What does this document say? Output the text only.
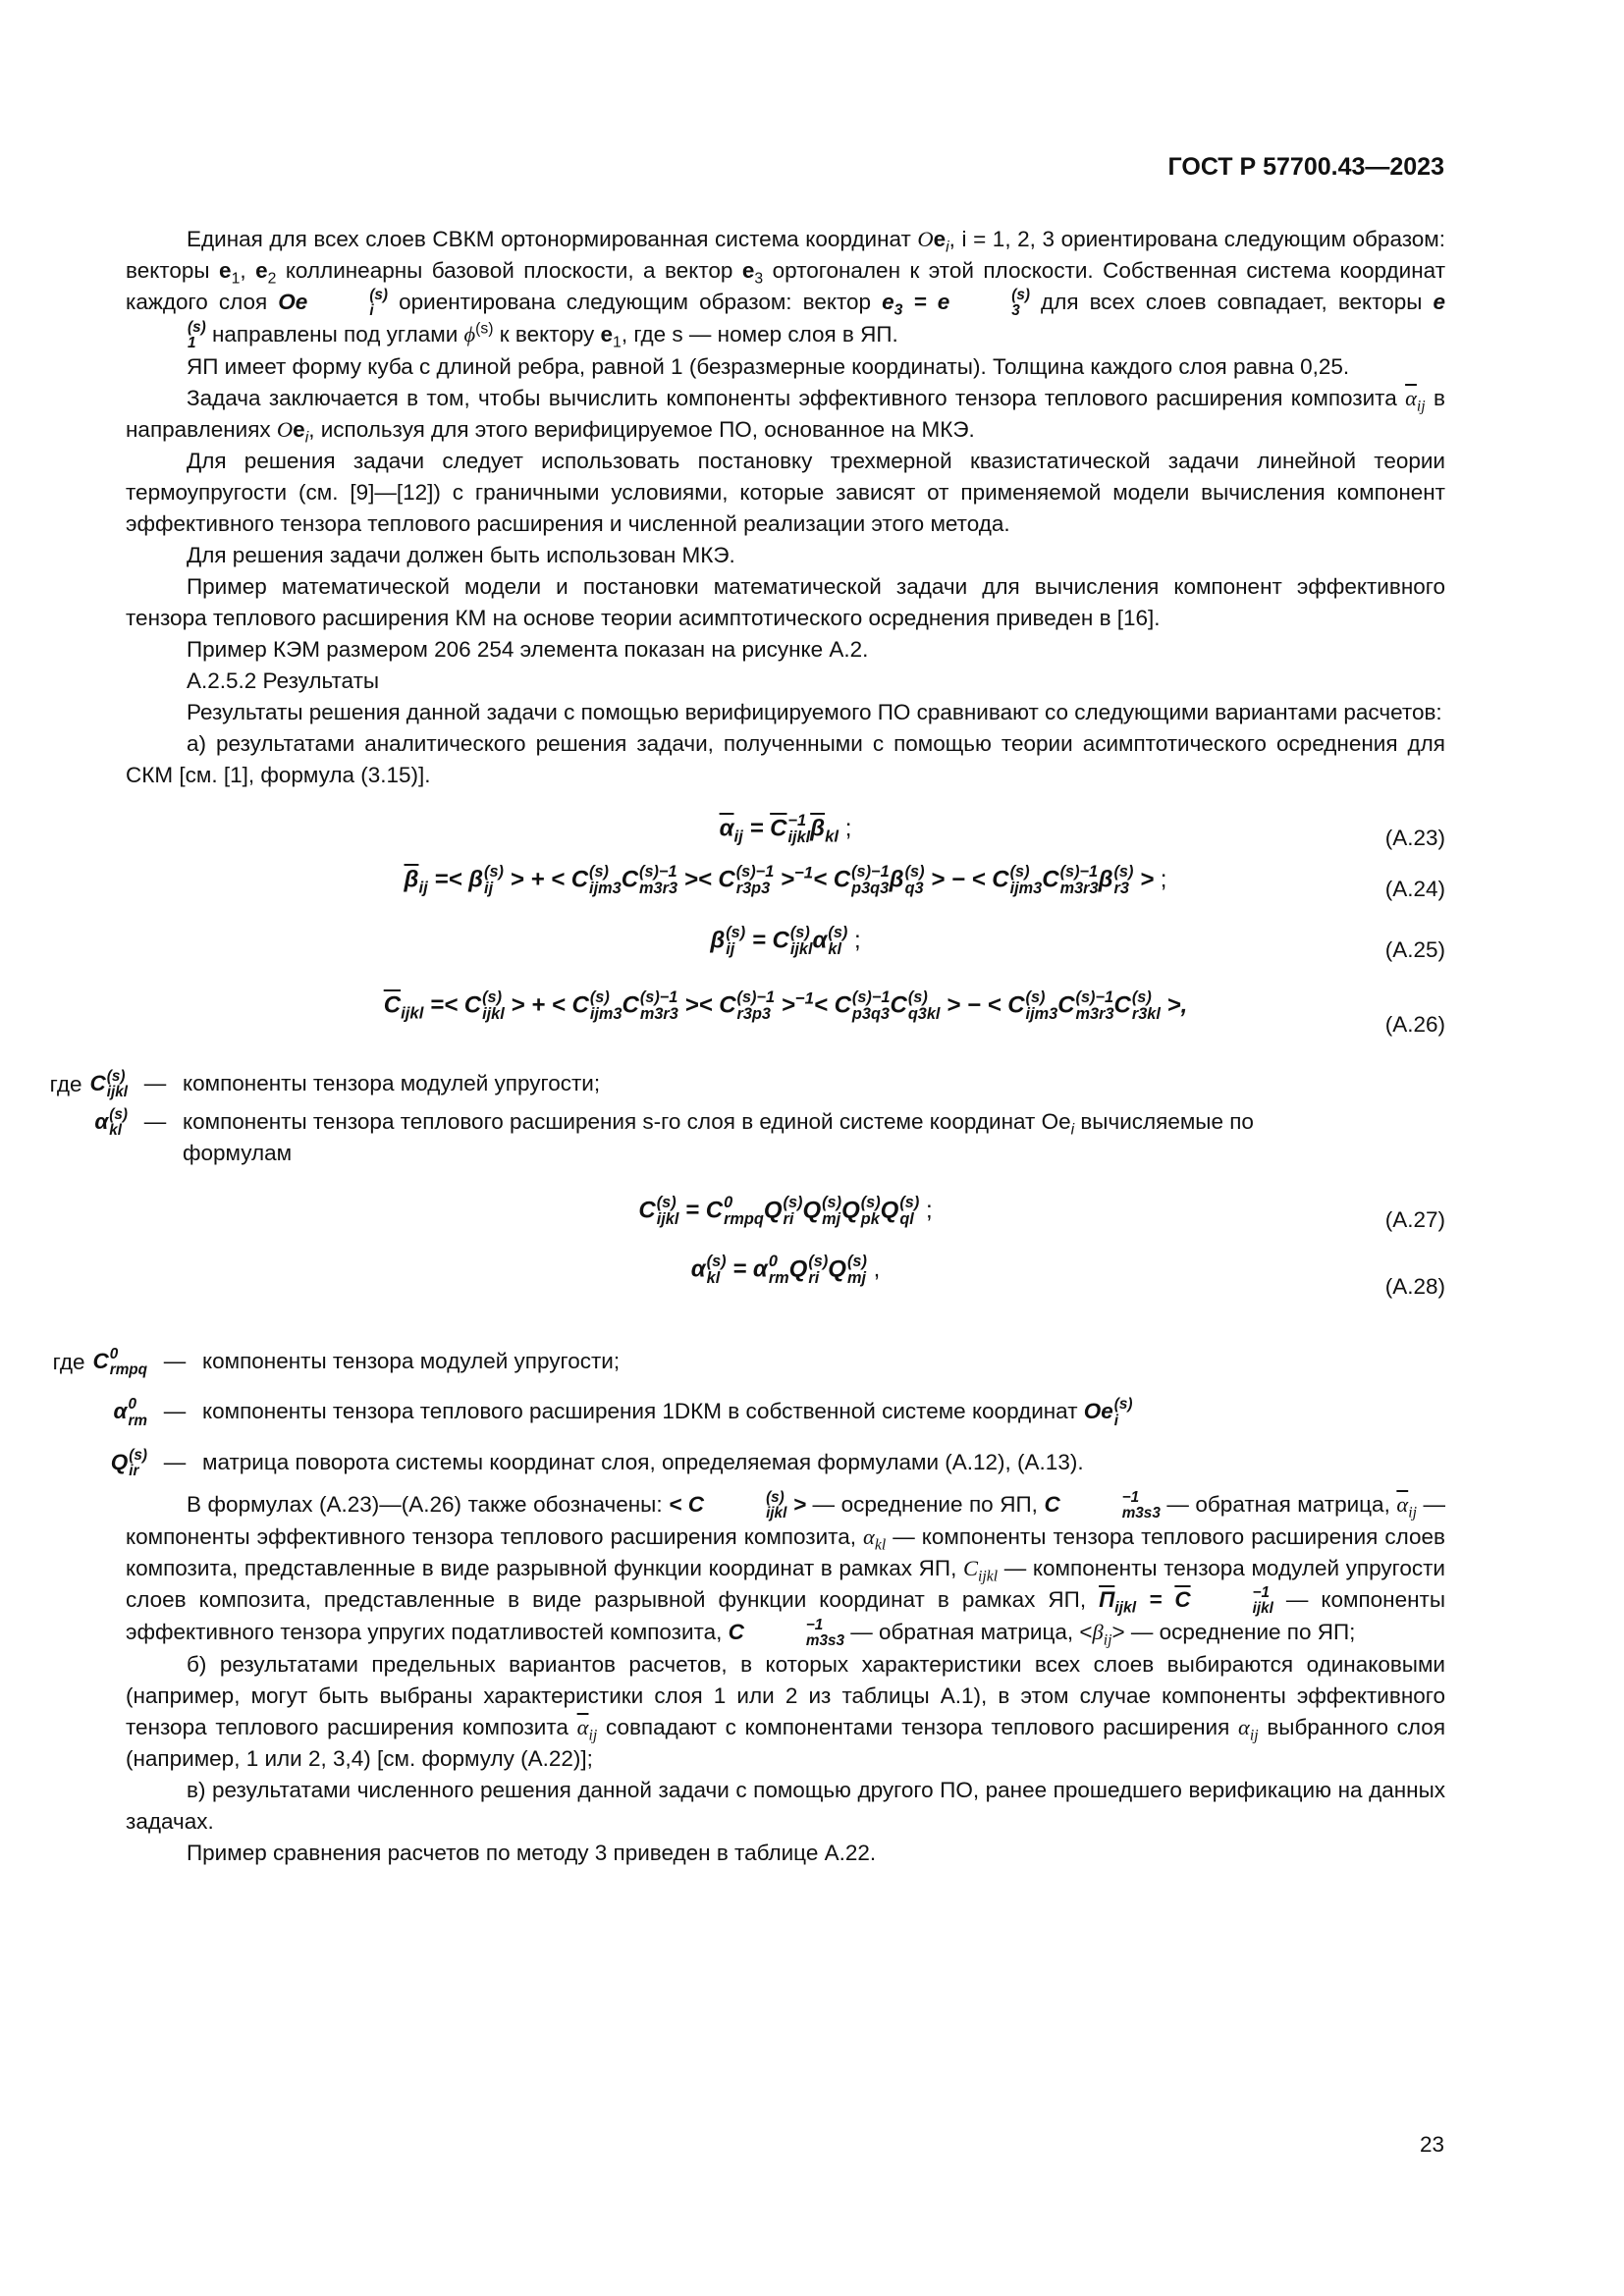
ГОСТ Р 57700.43—2023

Единая для всех слоев СВКМ ортонормированная система координат $Oe_i$, i = 1, 2, 3 ориентирована следующим образом: векторы $e_1$, $e_2$ коллинеарны базовой плоскости, а вектор $e_3$ ортогонален к этой плоскости. Собственная система координат каждого слоя Oe	(s)
i ориентирована следующим образом: вектор $e_3 = e$	(s)
3 для всех слоев совпадает, векторы e
(s)
1 направлены под углами $\phi^{(s)}$ к вектору $e_1$, где s — номер слоя в ЯП.

ЯП имеет форму куба с длиной ребра, равной 1 (безразмерные координаты). Толщина каждого слоя равна 0,25.

Задача заключается в том, чтобы вычислить компоненты эффективного тензора теплового расширения композита $\overline{\alpha}_{ij}$ в направлениях $Oe_i$, используя для этого верифицируемое ПО, основанное на МКЭ.

Для решения задачи следует использовать постановку трехмерной квазистатической задачи линейной теории термоупругости (см. [9]—[12]) с граничными условиями, которые зависят от применяемой модели вычисления компонент эффективного тензора теплового расширения и численной реализации этого метода.

Для решения задачи должен быть использован МКЭ.

Пример математической модели и постановки математической задачи для вычисления компонент эффективного тензора теплового расширения КМ на основе теории асимптотического осреднения приведен в [16].

Пример КЭМ размером 206 254 элемента показан на рисунке А.2.

А.2.5.2 Результаты

Результаты решения данной задачи с помощью верифицируемого ПО сравнивают со следующими вариантами расчетов:

а) результатами аналитического решения задачи, полученными с помощью теории асимптотического осреднения для СКМ [см. [1], формула (3.15)].

$\overline{\alpha}_{ij} = \overline{C} -1$
ijkl $\overline{\beta}_{kl}$ ;	(А.23)
$\overline{\beta}_{ij} =< \beta$ (s)
ij > + < C (s)
ijm3 C (s)−1
m3r3 >< C (s)−1
r3p3 >$^{-1}$< C (s)−1
p3q3 β (s)
q3 > − < C (s)
ijm3 C (s)−1
m3r3 β (s)
r3 > ;	(А.24)
β (s)
ij = C (s)
ijkl α (s)
kl ;	(А.25)
$\overline{C}_{ijkl} =< C$ (s)
ijkl > + < C (s)
ijm3 C (s)−1
m3r3 >< C (s)−1
r3p3 >$^{-1}$< C (s)−1
p3q3 C (s)
q3kl > − < C (s)
ijm3 C (s)−1
m3r3 C (s)
r3kl >,
(А.26)
где C (s)
ijkl — компоненты тензора модулей упругости;
α (s)
kl	— компоненты тензора теплового расширения s-го слоя в единой системе координат $Oe_i$ вычисляемые по формулам
C (s)
ijkl = C 0
rmpq Q (s)
ri Q (s)
mj Q (s)
pk Q (s)
ql ;	(А.27)
α (s)
kl = α 0
rm Q (s)
ri Q (s)
mj ,
(А.28)
где C 0
rmpq — компоненты тензора модулей упругости;
α 0
rm — компоненты тензора теплового расширения 1DКМ в собственной системе координат Oe (s)
i
Q (s)
ir	— матрица поворота системы координат слоя, определяемая формулами (А.12), (А.13).

В формулах (А.23)—(А.26) также обозначены: < C	(s)
ijkl > — осреднение по ЯП, C	−1
m3s3 — обратная матрица, $\overline{\alpha}_{ij}$ — компоненты эффективного тензора теплового расширения композита, $\alpha_{kl}$ — компоненты тензора теплового расширения слоев композита, представленные в виде разрывной функции координат в рамках ЯП, $C_{ijkl}$ — компоненты тензора модулей упругости слоев композита, представленные в виде разрывной функции координат в рамках ЯП, $П_{ijkl} = \overline{C}$	−1
ijkl — компоненты эффективного тензора упругих податливостей композита, C	−1
m3s3 — обратная матрица, $<\beta_{ij}>$ — осреднение по ЯП;

б) результатами предельных вариантов расчетов, в которых характеристики всех слоев выбираются одинаковыми (например, могут быть выбраны характеристики слоя 1 или 2 из таблицы А.1), в этом случае компоненты эффективного тензора теплового расширения композита $\overline{\alpha}_{ij}$ совпадают с компонентами тензора теплового расширения $\alpha_{ij}$ выбранного слоя (например, 1 или 2, 3,4) [см. формулу (А.22)];

в) результатами численного решения данной задачи с помощью другого ПО, ранее прошедшего верификацию на данных задачах.

Пример сравнения расчетов по методу 3 приведен в таблице А.22.

23
